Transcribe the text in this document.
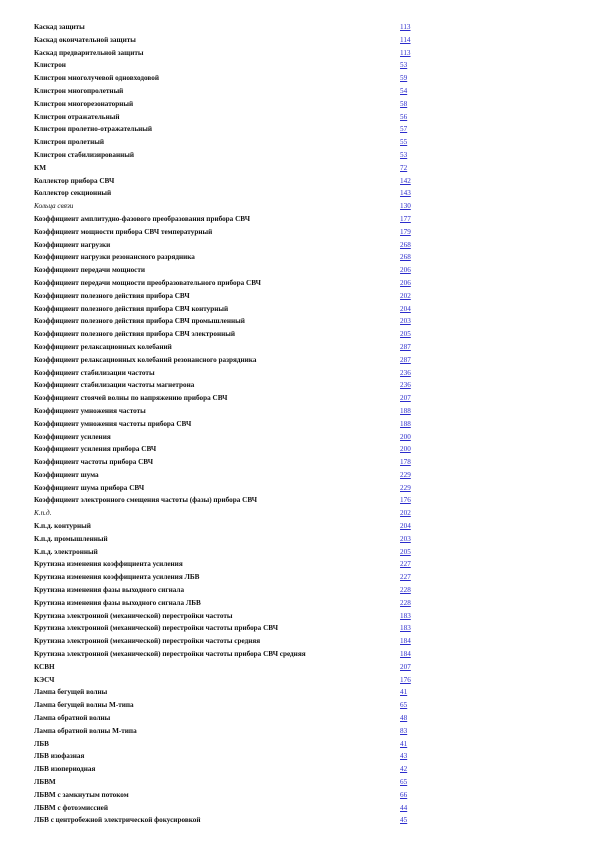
Каскад защиты	113
Каскад окончательной защиты	114
Каскад предварительной защиты	113
Клистрон	53
Клистрон многолучевой одновходовой	59
Клистрон многопролетный	54
Клистрон многорезонаторный	58
Клистрон отражательный	56
Клистрон пролетно-отражательный	57
Клистрон пролетный	55
Клистрон стабилизированный	53
КМ	72
Коллектор прибора СВЧ	142
Коллектор секционный	143
Кольца связи	130
Коэффициент амплитудно-фазового преобразования прибора СВЧ	177
Коэффициент мощности прибора СВЧ температурный	179
Коэффициент нагрузки	268
Коэффициент нагрузки резонансного разрядника	268
Коэффициент передачи мощности	206
Коэффициент передачи мощности преобразовательного прибора СВЧ	206
Коэффициент полезного действия прибора СВЧ	202
Коэффициент полезного действия прибора СВЧ контурный	204
Коэффициент полезного действия прибора СВЧ промышленный	203
Коэффициент полезного действия прибора СВЧ электронный	205
Коэффициент релаксационных колебаний	287
Коэффициент релаксационных колебаний резонансного разрядника	287
Коэффициент стабилизации частоты	236
Коэффициент стабилизации частоты магнетрона	236
Коэффициент стоячей волны по напряжению прибора СВЧ	207
Коэффициент умножения частоты	188
Коэффициент умножения частоты прибора СВЧ	188
Коэффициент усиления	200
Коэффициент усиления прибора СВЧ	200
Коэффициент частоты прибора СВЧ	178
Коэффициент шума	229
Коэффициент шума прибора СВЧ	229
Коэффициент электронного смещения частоты (фазы) прибора СВЧ	176
К.п.д.	202
К.п.д. контурный	204
К.п.д. промышленный	203
К.п.д. электронный	205
Крутизна изменения коэффициента усиления	227
Крутизна изменения коэффициента усиления ЛБВ	227
Крутизна изменения фазы выходного сигнала	228
Крутизна изменения фазы выходного сигнала ЛБВ	228
Крутизна электронной (механической) перестройки частоты	183
Крутизна электронной (механической) перестройки частоты прибора СВЧ	183
Крутизна электронной (механической) перестройки частоты средняя	184
Крутизна электронной (механической) перестройки частоты прибора СВЧ средняя	184
КСВН	207
КЭСЧ	176
Лампа бегущей волны	41
Лампа бегущей волны М-типа	65
Лампа обратной волны	48
Лампа обратной волны М-типа	83
ЛБВ	41
ЛБВ изофазная	43
ЛБВ изопериодная	42
ЛБВМ	65
ЛБВМ с замкнутым потоком	66
ЛБВМ с фотоэмиссией	44
ЛБВ с центробежной электрической фокусировкой	45
